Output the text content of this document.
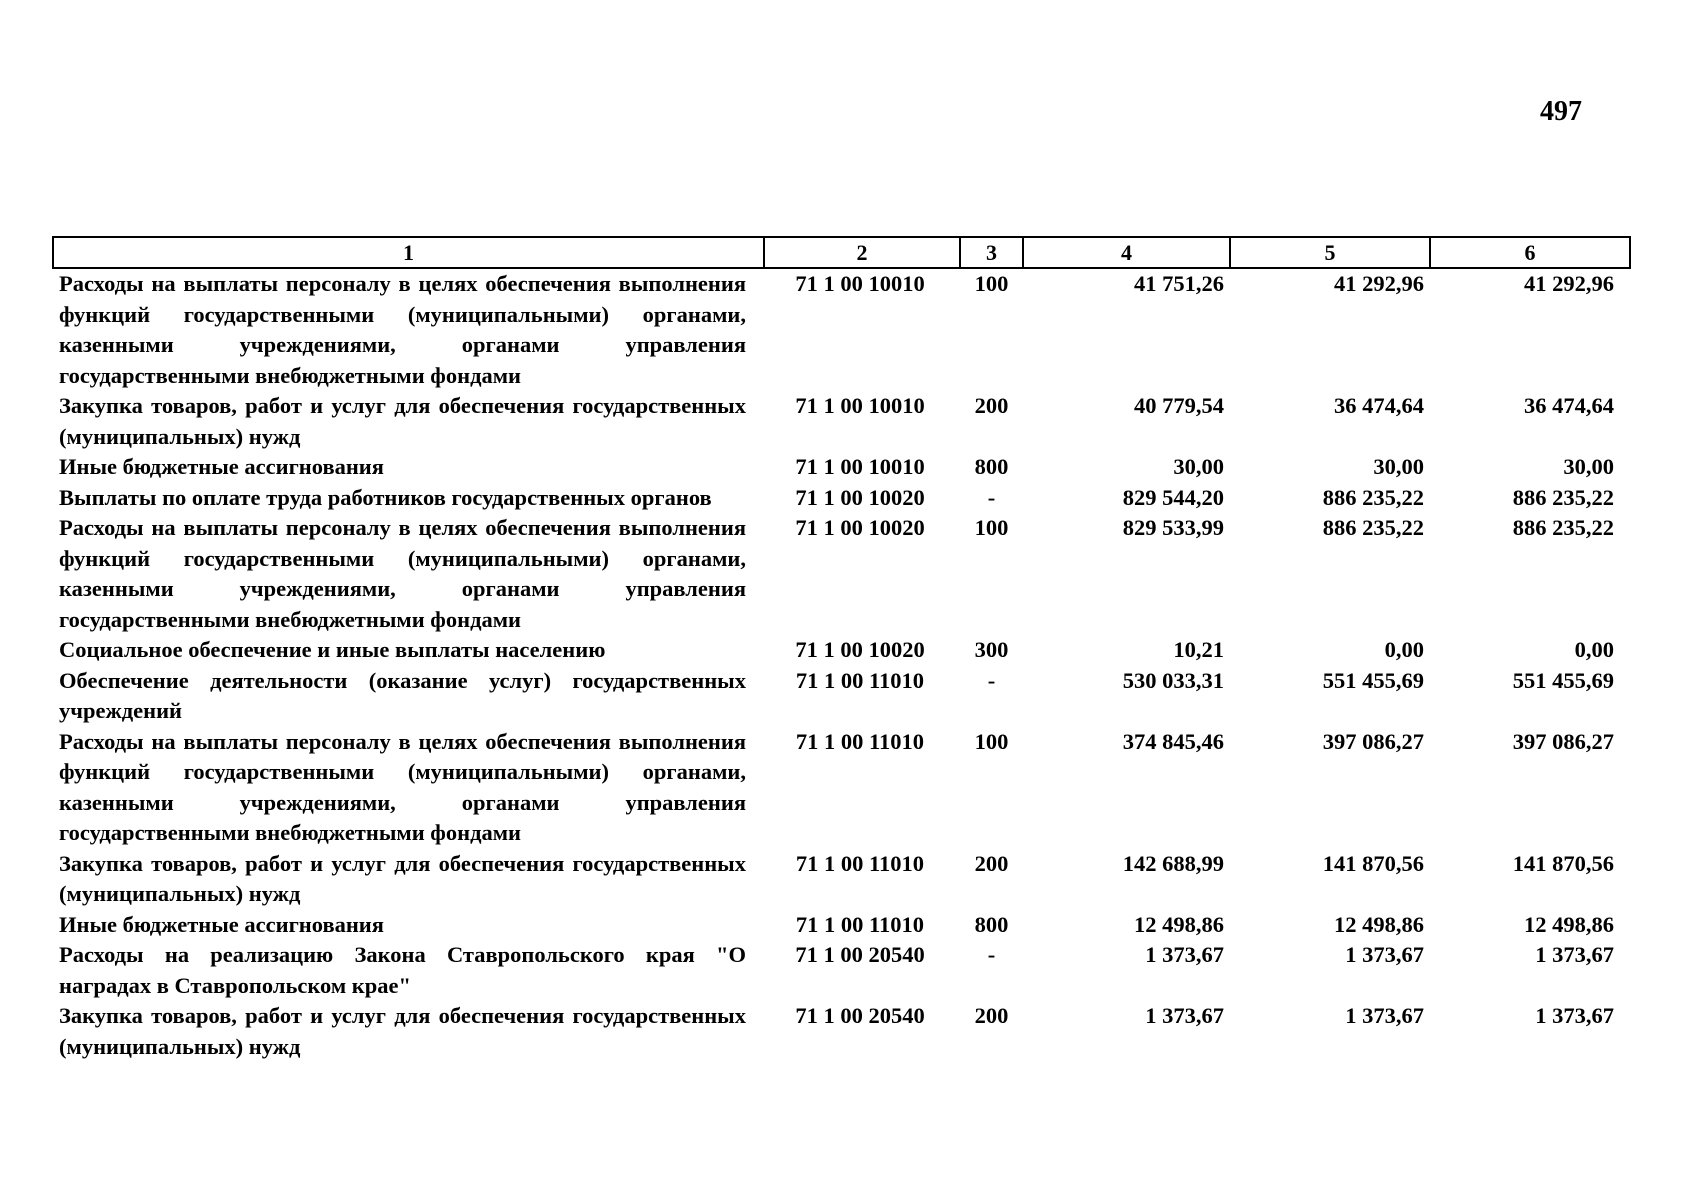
497
1	2	3	4	5	6
Расходы на выплаты персоналу в целях обеспечения выполнения функций государственными (муниципальными) органами, казенными учреждениями, органами управления государственными внебюджетными фондами	71 1 00 10010	100	41 751,26	41 292,96	41 292,96
Закупка товаров, работ и услуг для обеспечения государственных (муниципальных) нужд	71 1 00 10010	200	40 779,54	36 474,64	36 474,64
Иные бюджетные ассигнования	71 1 00 10010	800	30,00	30,00	30,00
Выплаты по оплате труда работников государственных органов	71 1 00 10020	-	829 544,20	886 235,22	886 235,22
Расходы на выплаты персоналу в целях обеспечения выполнения функций государственными (муниципальными) органами, казенными учреждениями, органами управления государственными внебюджетными фондами	71 1 00 10020	100	829 533,99	886 235,22	886 235,22
Социальное обеспечение и иные выплаты населению	71 1 00 10020	300	10,21	0,00	0,00
Обеспечение деятельности (оказание услуг) государственных учреждений	71 1 00 11010	-	530 033,31	551 455,69	551 455,69
Расходы на выплаты персоналу в целях обеспечения выполнения функций государственными (муниципальными) органами, казенными учреждениями, органами управления государственными внебюджетными фондами	71 1 00 11010	100	374 845,46	397 086,27	397 086,27
Закупка товаров, работ и услуг для обеспечения государственных (муниципальных) нужд	71 1 00 11010	200	142 688,99	141 870,56	141 870,56
Иные бюджетные ассигнования	71 1 00 11010	800	12 498,86	12 498,86	12 498,86
Расходы на реализацию Закона Ставропольского края "О наградах в Ставропольском крае"	71 1 00 20540	-	1 373,67	1 373,67	1 373,67
Закупка товаров, работ и услуг для обеспечения государственных (муниципальных) нужд	71 1 00 20540	200	1 373,67	1 373,67	1 373,67
